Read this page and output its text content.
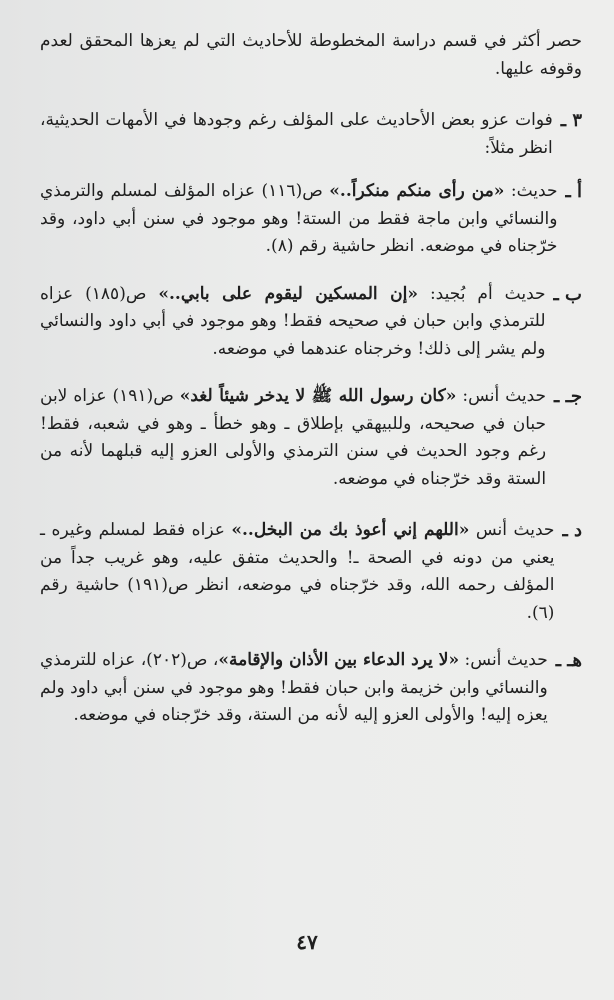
حصر أكثر في قسم دراسة المخطوطة للأحاديث التي لم يعزها المحقق لعدم وقوفه عليها.

٣ ـ
فوات عزو بعض الأحاديث على المؤلف رغم وجودها في الأمهات الحديثية، انظر مثلاً:
أ ـ
حديث: «من رأى منكم منكراً..» ص(١١٦) عزاه المؤلف لمسلم والترمذي والنسائي وابن ماجة فقط من الستة! وهو موجود في سنن أبي داود، وقد خرّجناه في موضعه. انظر حاشية رقم (٨).
ب ـ
حديث أم بُجيد: «إن المسكين ليقوم على بابي..» ص(١٨٥) عزاه للترمذي وابن حبان في صحيحه فقط! وهو موجود في أبي داود والنسائي ولم يشر إلى ذلك! وخرجناه عندهما في موضعه.
جـ ـ
حديث أنس: «كان رسول الله ﷺ لا يدخر شيئاً لغد» ص(١٩١) عزاه لابن حبان في صحيحه، وللبيهقي بإطلاق ـ وهو خطأ ـ وهو في شعبه، فقط! رغم وجود الحديث في سنن الترمذي والأولى العزو إليه قبلهما لأنه من الستة وقد خرّجناه في موضعه.
د ـ
حديث أنس «اللهم إني أعوذ بك من البخل..» عزاه فقط لمسلم وغيره ـ يعني من دونه في الصحة ـ! والحديث متفق عليه، وهو غريب جداً من المؤلف رحمه الله، وقد خرّجناه في موضعه، انظر ص(١٩١) حاشية رقم (٦).
هـ ـ
حديث أنس: «لا يرد الدعاء بين الأذان والإقامة»، ص(٢٠٢)، عزاه للترمذي والنسائي وابن خزيمة وابن حبان فقط! وهو موجود في سنن أبي داود ولم يعزه إليه! والأولى العزو إليه لأنه من الستة، وقد خرّجناه في موضعه.
٤٧
